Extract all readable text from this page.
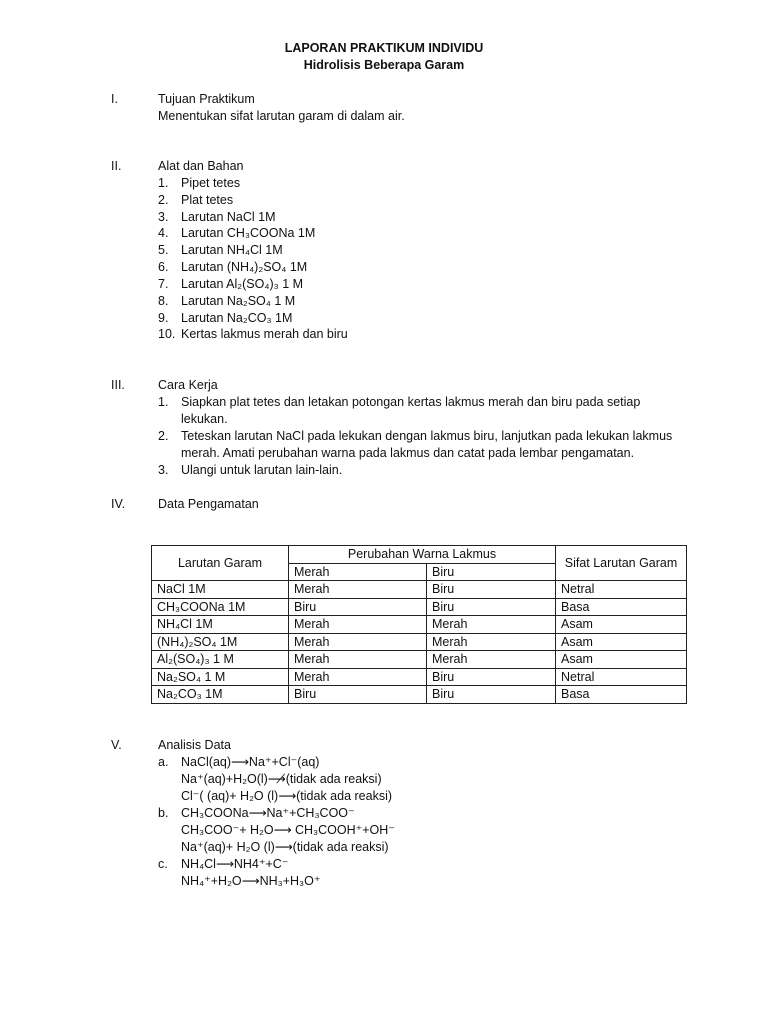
LAPORAN PRAKTIKUM INDIVIDU
Hidrolisis Beberapa Garam
I.	Tujuan Praktikum
Menentukan sifat larutan garam di dalam air.
II.	Alat dan Bahan
1. Pipet tetes
2. Plat tetes
3. Larutan NaCl 1M
4. Larutan CH₃COONa 1M
5. Larutan NH₄Cl 1M
6. Larutan (NH₄)₂SO₄ 1M
7. Larutan Al₂(SO₄)₃ 1 M
8. Larutan Na₂SO₄ 1 M
9. Larutan Na₂CO₃ 1M
10. Kertas lakmus merah dan biru
III.	Cara Kerja
1. Siapkan plat tetes dan letakan potongan kertas lakmus merah dan biru pada setiap
lekukan.
2. Teteskan larutan NaCl pada lekukan dengan lakmus biru, lanjutkan pada lekukan lakmus
merah. Amati perubahan warna pada lakmus dan catat pada lembar pengamatan.
3. Ulangi untuk larutan lain-lain.
IV.	Data Pengamatan
Larutan Garam	Perubahan Warna Lakmus		Sifat Larutan Garam
	Merah	Biru	
NaCl 1M	Merah	Biru	Netral
CH₃COONa 1M	Biru	Biru	Basa
NH₄Cl 1M	Merah	Merah	Asam
(NH₄)₂SO₄ 1M	Merah	Merah	Asam
Al₂(SO₄)₃ 1 M	Merah	Merah	Asam
Na₂SO₄ 1 M	Merah	Biru	Netral
Na₂CO₃ 1M	Biru	Biru	Basa
V.	Analisis Data
a. NaCl(aq)⟶Na⁺+Cl⁻(aq)
Na⁺(aq)+H₂O(l)⟶̸(tidak ada reaksi)
Cl⁻( (aq)+ H₂O (l)⟶(tidak ada reaksi)
b. CH₃COONa⟶Na⁺+CH₃COO⁻
CH₃COO⁻+ H₂O⟶ CH₃COOH⁺+OH⁻
Na⁺(aq)+ H₂O (l)⟶(tidak ada reaksi)
c. NH₄Cl⟶NH4⁺+C⁻
NH₄⁺+H₂O⟶NH₃+H₃O⁺
